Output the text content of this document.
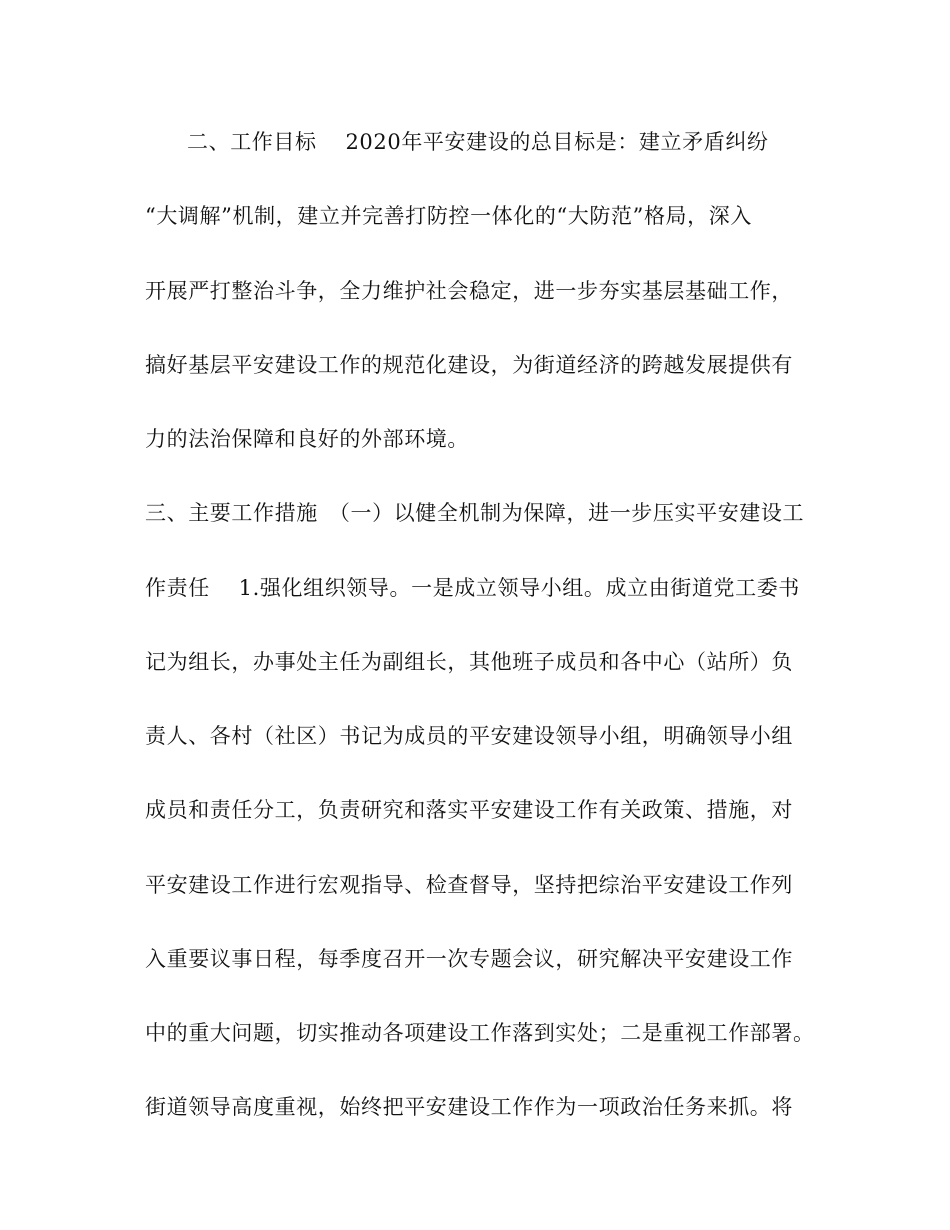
二、工作目标　 2020年平安建设的总目标是：建立矛盾纠纷
“大调解”机制，建立并完善打防控一体化的“大防范”格局，深入
开展严打整治斗争，全力维护社会稳定，进一步夯实基层基础工作，
搞好基层平安建设工作的规范化建设，为街道经济的跨越发展提供有
力的法治保障和良好的外部环境。
三、主要工作措施　（一）以健全机制为保障，进一步压实平安建设工
作责任　 1.强化组织领导。一是成立领导小组。成立由街道党工委书
记为组长，办事处主任为副组长，其他班子成员和各中心（站所）负
责人、各村（社区）书记为成员的平安建设领导小组，明确领导小组
成员和责任分工，负责研究和落实平安建设工作有关政策、措施，对
平安建设工作进行宏观指导、检查督导，坚持把综治平安建设工作列
入重要议事日程，每季度召开一次专题会议，研究解决平安建设工作
中的重大问题，切实推动各项建设工作落到实处；二是重视工作部署。
街道领导高度重视，始终把平安建设工作作为一项政治任务来抓。将
